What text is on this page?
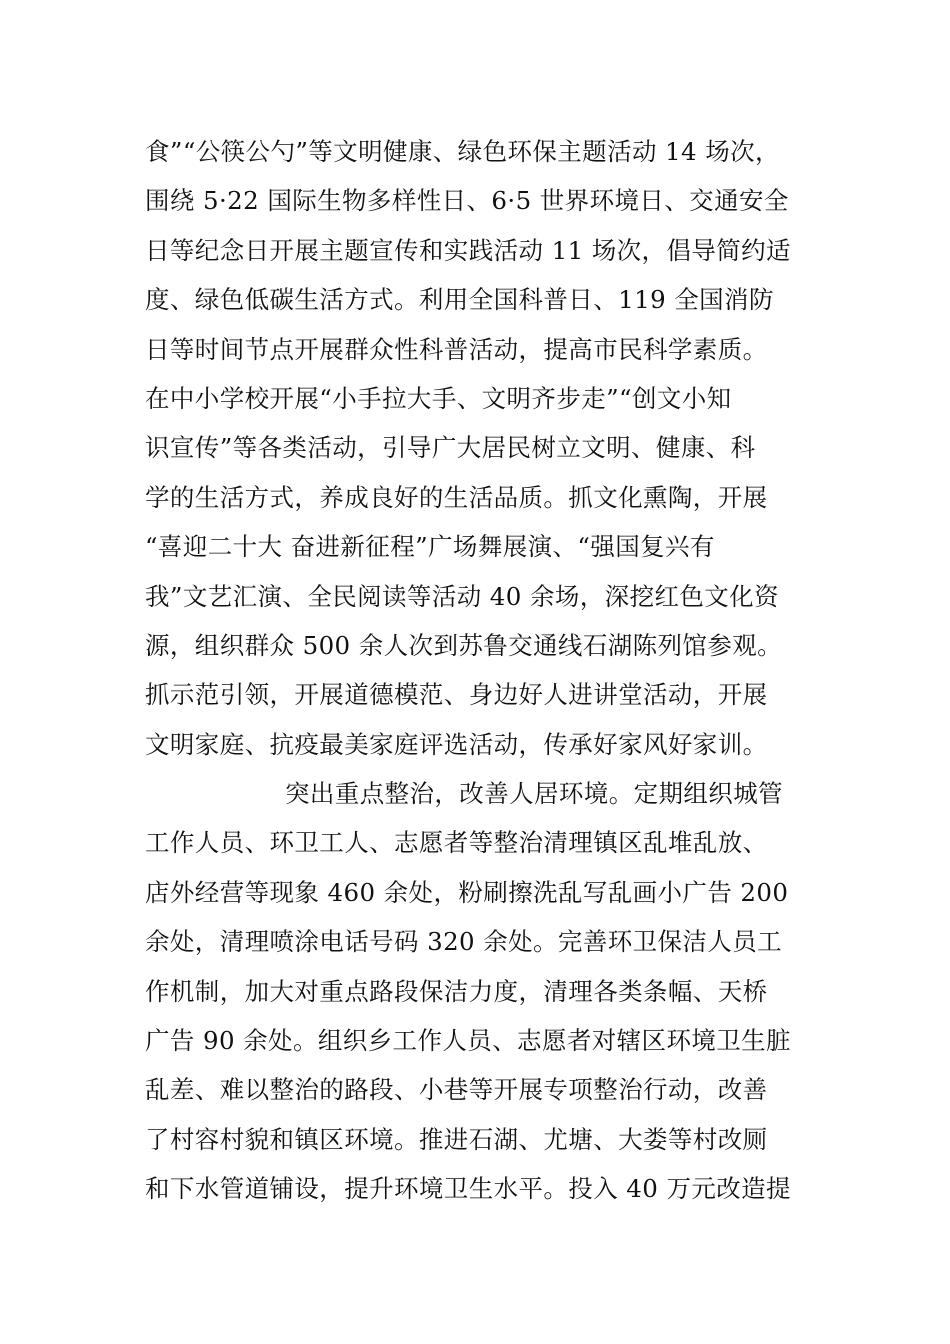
食”“公筷公勺”等文明健康、绿色环保主题活动 14 场次，
围绕 5·22 国际生物多样性日、6·5 世界环境日、交通安全
日等纪念日开展主题宣传和实践活动 11 场次，倡导简约适
度、绿色低碳生活方式。利用全国科普日、119 全国消防
日等时间节点开展群众性科普活动，提高市民科学素质。
在中小学校开展“小手拉大手、文明齐步走”“创文小知
识宣传”等各类活动，引导广大居民树立文明、健康、科
学的生活方式，养成良好的生活品质。抓文化熏陶，开展
“喜迎二十大 奋进新征程”广场舞展演、“强国复兴有
我”文艺汇演、全民阅读等活动 40 余场，深挖红色文化资
源，组织群众 500 余人次到苏鲁交通线石湖陈列馆参观。
抓示范引领，开展道德模范、身边好人进讲堂活动，开展
文明家庭、抗疫最美家庭评选活动，传承好家风好家训。
突出重点整治，改善人居环境。定期组织城管
工作人员、环卫工人、志愿者等整治清理镇区乱堆乱放、
店外经营等现象 460 余处，粉刷擦洗乱写乱画小广告 200
余处，清理喷涂电话号码 320 余处。完善环卫保洁人员工
作机制，加大对重点路段保洁力度，清理各类条幅、天桥
广告 90 余处。组织乡工作人员、志愿者对辖区环境卫生脏
乱差、难以整治的路段、小巷等开展专项整治行动，改善
了村容村貌和镇区环境。推进石湖、尤塘、大娄等村改厕
和下水管道铺设，提升环境卫生水平。投入 40 万元改造提
